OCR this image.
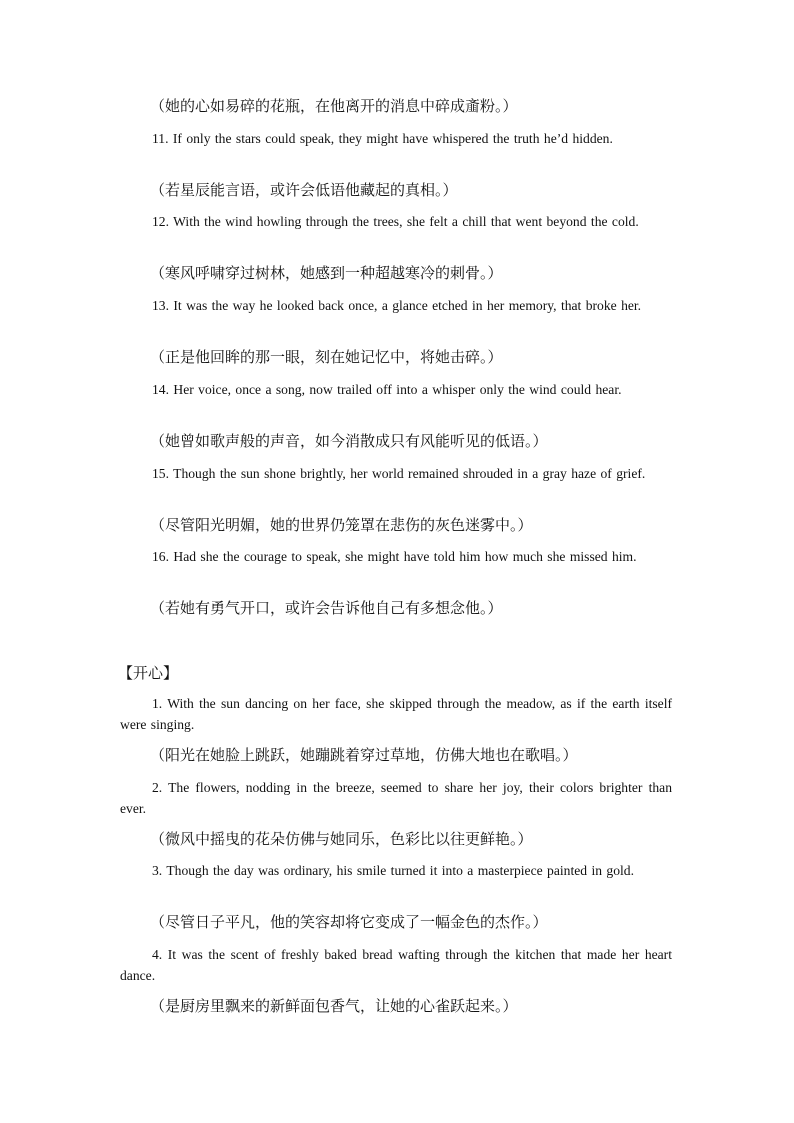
（她的心如易碎的花瓶，在他离开的消息中碎成齑粉。）

11. If only the stars could speak, they might have whispered the truth he’d hidden.

（若星辰能言语，或许会低语他藏起的真相。）

12. With the wind howling through the trees, she felt a chill that went beyond the cold.

（寒风呼啸穿过树林，她感到一种超越寒冷的刺骨。）

13. It was the way he looked back once, a glance etched in her memory, that broke her.

（正是他回眸的那一眼，刻在她记忆中，将她击碎。）

14. Her voice, once a song, now trailed off into a whisper only the wind could hear.

（她曾如歌声般的声音，如今消散成只有风能听见的低语。）

15. Though the sun shone brightly, her world remained shrouded in a gray haze of grief.

（尽管阳光明媚，她的世界仍笼罩在悲伤的灰色迷雾中。）

16. Had she the courage to speak, she might have told him how much she missed him.

（若她有勇气开口，或许会告诉他自己有多想念他。）
【开心】

1. With the sun dancing on her face, she skipped through the meadow, as if the earth itself were singing.

（阳光在她脸上跳跃，她蹦跳着穿过草地，仿佛大地也在歌唱。）

2. The flowers, nodding in the breeze, seemed to share her joy, their colors brighter than ever.

（微风中摇曳的花朵仿佛与她同乐，色彩比以往更鲜艳。）

3. Though the day was ordinary, his smile turned it into a masterpiece painted in gold.

（尽管日子平凡，他的笑容却将它变成了一幅金色的杰作。）

4. It was the scent of freshly baked bread wafting through the kitchen that made her heart dance.

（是厨房里飘来的新鲜面包香气，让她的心雀跃起来。）
